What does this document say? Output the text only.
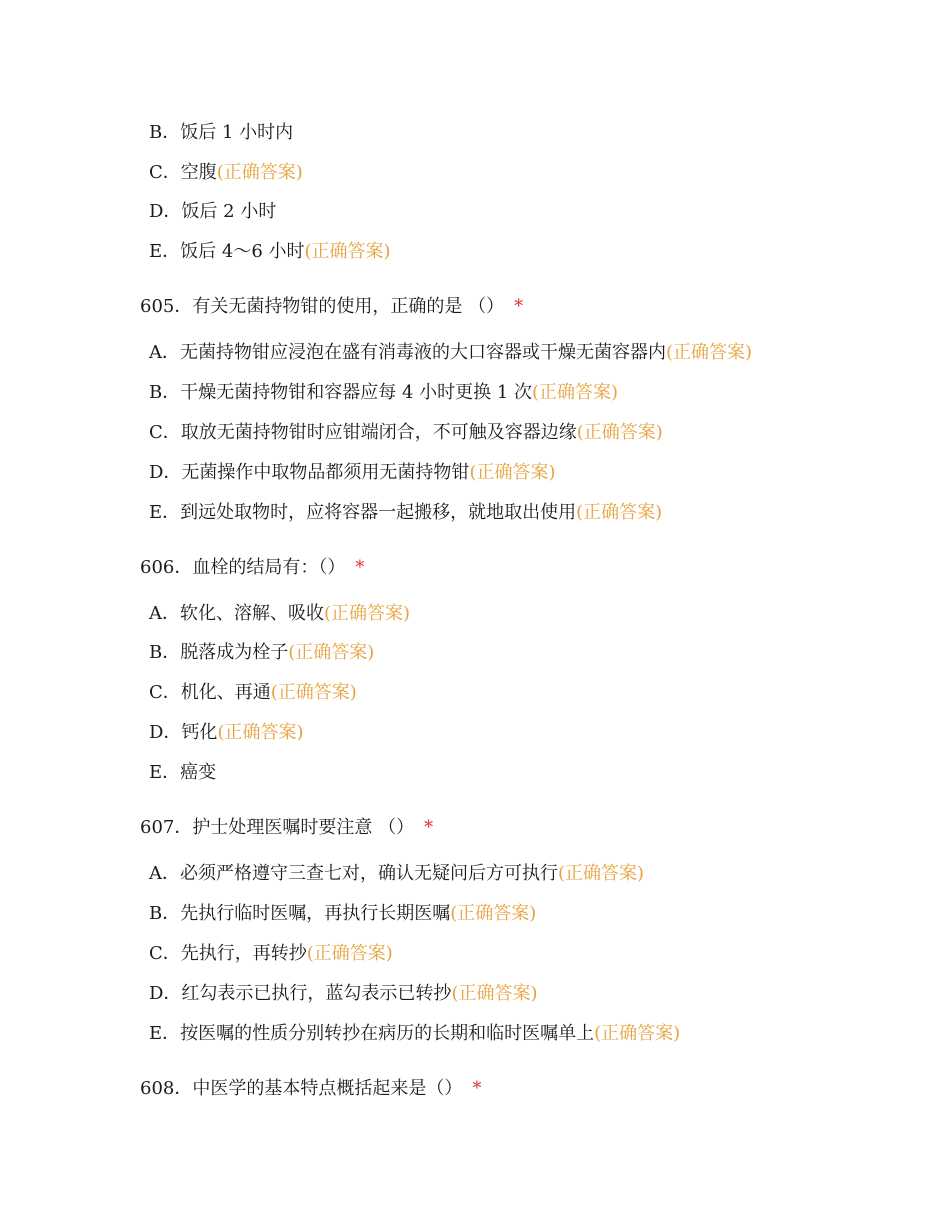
B．饭后 1 小时内
C．空腹(正确答案)
D．饭后 2 小时
E．饭后 4～6 小时(正确答案)
605．有关无菌持物钳的使用，正确的是 （） *
A．无菌持物钳应浸泡在盛有消毒液的大口容器或干燥无菌容器内(正确答案)
B．干燥无菌持物钳和容器应每 4 小时更换 1 次(正确答案)
C．取放无菌持物钳时应钳端闭合，不可触及容器边缘(正确答案)
D．无菌操作中取物品都须用无菌持物钳(正确答案)
E．到远处取物时，应将容器一起搬移，就地取出使用(正确答案)
606．血栓的结局有：（） *
A．软化、溶解、吸收(正确答案)
B．脱落成为栓子(正确答案)
C．机化、再通(正确答案)
D．钙化(正确答案)
E．癌变
607．护士处理医嘱时要注意 （） *
A．必须严格遵守三查七对，确认无疑问后方可执行(正确答案)
B．先执行临时医嘱，再执行长期医嘱(正确答案)
C．先执行，再转抄(正确答案)
D．红勾表示已执行，蓝勾表示已转抄(正确答案)
E．按医嘱的性质分别转抄在病历的长期和临时医嘱单上(正确答案)
608．中医学的基本特点概括起来是（） *
